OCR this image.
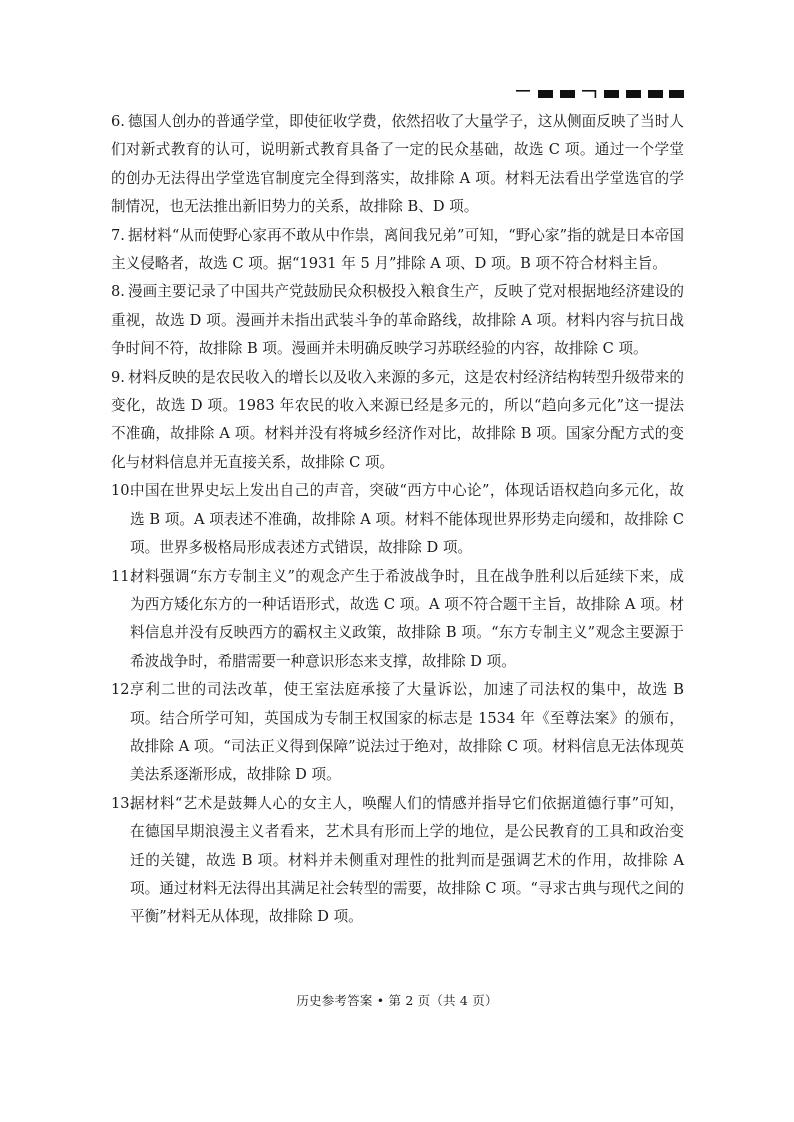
6. 德国人创办的普通学堂，即使征收学费，依然招收了大量学子，这从侧面反映了当时人们对新式教育的认可，说明新式教育具备了一定的民众基础，故选 C 项。通过一个学堂的创办无法得出学堂选官制度完全得到落实，故排除 A 项。材料无法看出学堂选官的学制情况，也无法推出新旧势力的关系，故排除 B、D 项。

7. 据材料“从而使野心家再不敢从中作祟，离间我兄弟”可知，“野心家”指的就是日本帝国主义侵略者，故选 C 项。据“1931 年 5 月”排除 A 项、D 项。B 项不符合材料主旨。

8. 漫画主要记录了中国共产党鼓励民众积极投入粮食生产，反映了党对根据地经济建设的重视，故选 D 项。漫画并未指出武装斗争的革命路线，故排除 A 项。材料内容与抗日战争时间不符，故排除 B 项。漫画并未明确反映学习苏联经验的内容，故排除 C 项。

9. 材料反映的是农民收入的增长以及收入来源的多元，这是农村经济结构转型升级带来的变化，故选 D 项。1983 年农民的收入来源已经是多元的，所以“趋向多元化”这一提法不准确，故排除 A 项。材料并没有将城乡经济作对比，故排除 B 项。国家分配方式的变化与材料信息并无直接关系，故排除 C 项。

10.
中国在世界史坛上发出自己的声音，突破“西方中心论”，体现话语权趋向多元化，故选 B 项。A 项表述不准确，故排除 A 项。材料不能体现世界形势走向缓和，故排除 C 项。世界多极格局形成表述方式错误，故排除 D 项。

11.
材料强调“东方专制主义”的观念产生于希波战争时，且在战争胜利以后延续下来，成为西方矮化东方的一种话语形式，故选 C 项。A 项不符合题干主旨，故排除 A 项。材料信息并没有反映西方的霸权主义政策，故排除 B 项。“东方专制主义”观念主要源于希波战争时，希腊需要一种意识形态来支撑，故排除 D 项。

12.
亨利二世的司法改革，使王室法庭承接了大量诉讼，加速了司法权的集中，故选 B 项。结合所学可知，英国成为专制王权国家的标志是 1534 年《至尊法案》的颁布，故排除 A 项。“司法正义得到保障”说法过于绝对，故排除 C 项。材料信息无法体现英美法系逐渐形成，故排除 D 项。

13.
据材料“艺术是鼓舞人心的女主人，唤醒人们的情感并指导它们依据道德行事”可知，在德国早期浪漫主义者看来，艺术具有形而上学的地位，是公民教育的工具和政治变迁的关键，故选 B 项。材料并未侧重对理性的批判而是强调艺术的作用，故排除 A 项。通过材料无法得出其满足社会转型的需要，故排除 C 项。“寻求古典与现代之间的平衡”材料无从体现，故排除 D 项。

历史参考答案 • 第 2 页（共 4 页）
